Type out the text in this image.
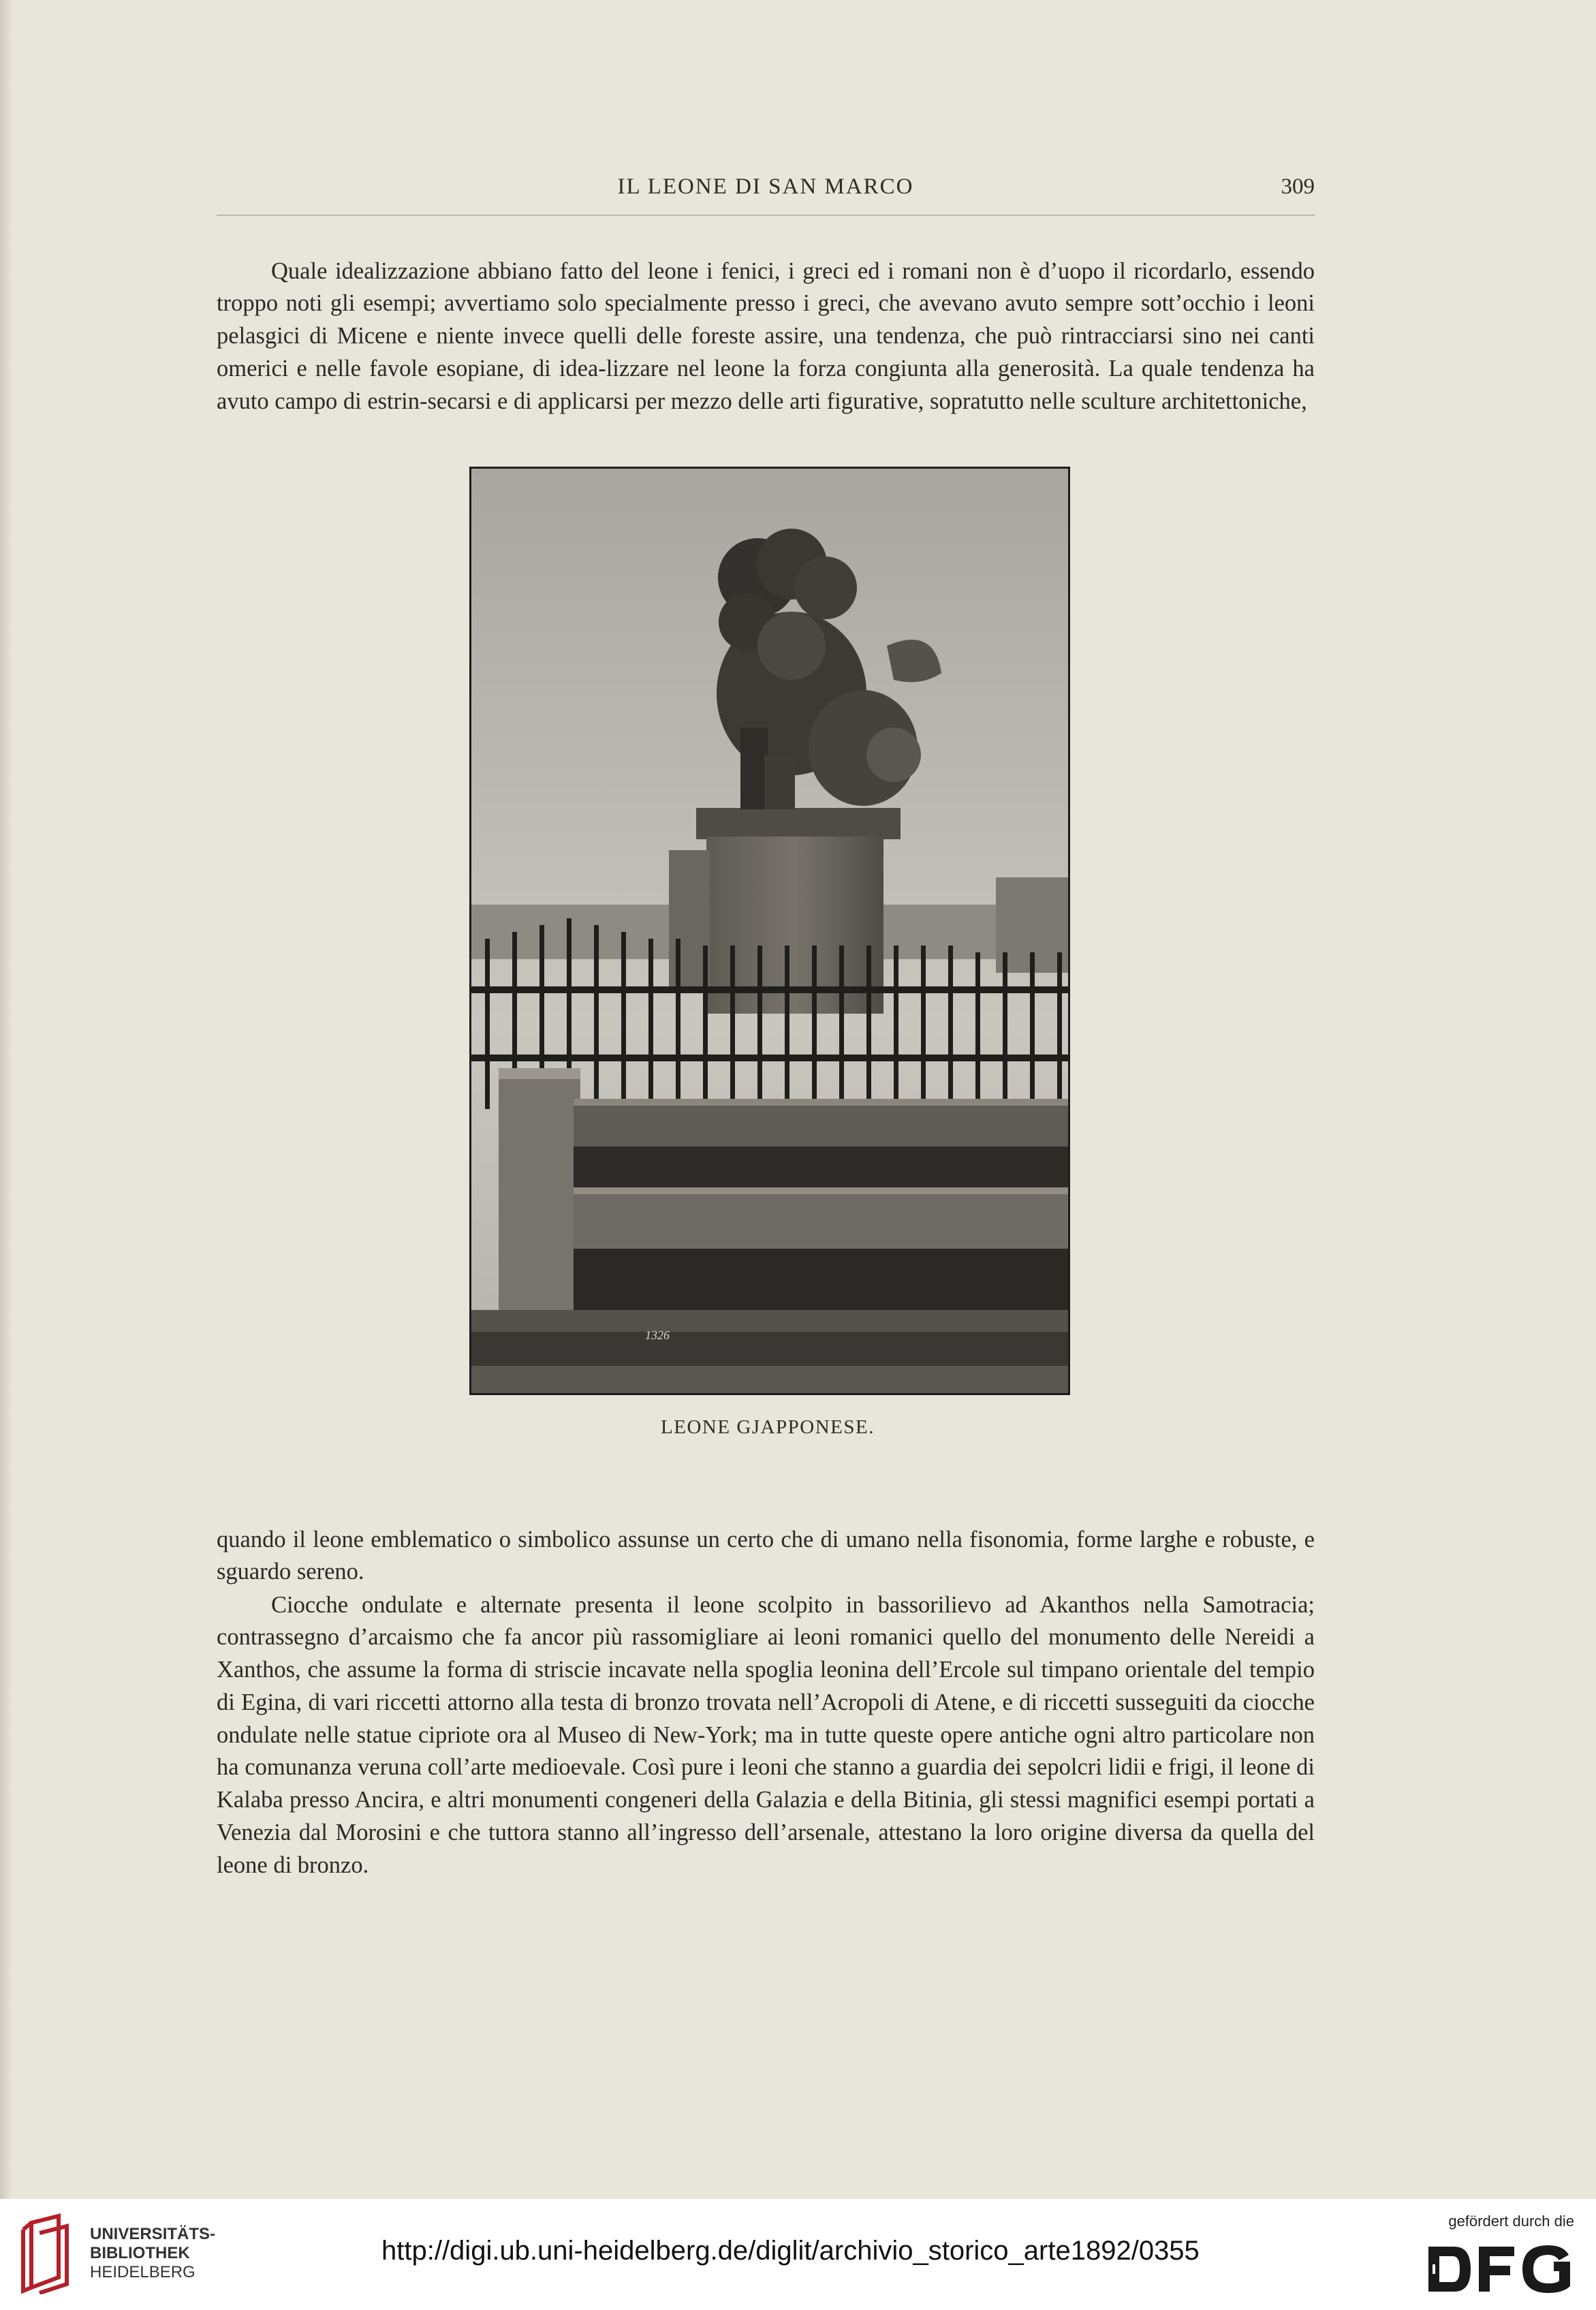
IL LEONE DI SAN MARCO	309

Quale idealizzazione abbiano fatto del leone i fenici, i greci ed i romani non è d’uopo il ricordarlo, essendo troppo noti gli esempi; avvertiamo solo specialmente presso i greci, che avevano avuto sempre sott’occhio i leoni pelasgici di Micene e niente invece quelli delle foreste assire, una tendenza, che può rintracciarsi sino nei canti omerici e nelle favole esopiane, di idea-lizzare nel leone la forza congiunta alla generosità. La quale tendenza ha avuto campo di estrin-secarsi e di applicarsi per mezzo delle arti figurative, sopratutto nelle sculture architettoniche,

1326
LEONE GJAPPONESE.

quando il leone emblematico o simbolico assunse un certo che di umano nella fisonomia, forme larghe e robuste, e sguardo sereno.

Ciocche ondulate e alternate presenta il leone scolpito in bassorilievo ad Akanthos nella Samotracia; contrassegno d’arcaismo che fa ancor più rassomigliare ai leoni romanici quello del monumento delle Nereidi a Xanthos, che assume la forma di striscie incavate nella spoglia leonina dell’Ercole sul timpano orientale del tempio di Egina, di vari riccetti attorno alla testa di bronzo trovata nell’Acropoli di Atene, e di riccetti susseguiti da ciocche ondulate nelle statue cipriote ora al Museo di New-York; ma in tutte queste opere antiche ogni altro particolare non ha comunanza veruna coll’arte medioevale. Così pure i leoni che stanno a guardia dei sepolcri lidii e frigi, il leone di Kalaba presso Ancira, e altri monumenti congeneri della Galazia e della Bitinia, gli stessi magnifici esempi portati a Venezia dal Morosini e che tuttora stanno all’ingresso dell’arsenale, attestano la loro origine diversa da quella del leone di bronzo.

UNIVERSITÄTS-
BIBLIOTHEK
HEIDELBERG
http://digi.ub.uni-heidelberg.de/diglit/archivio_storico_arte1892/0355
gefördert durch die
